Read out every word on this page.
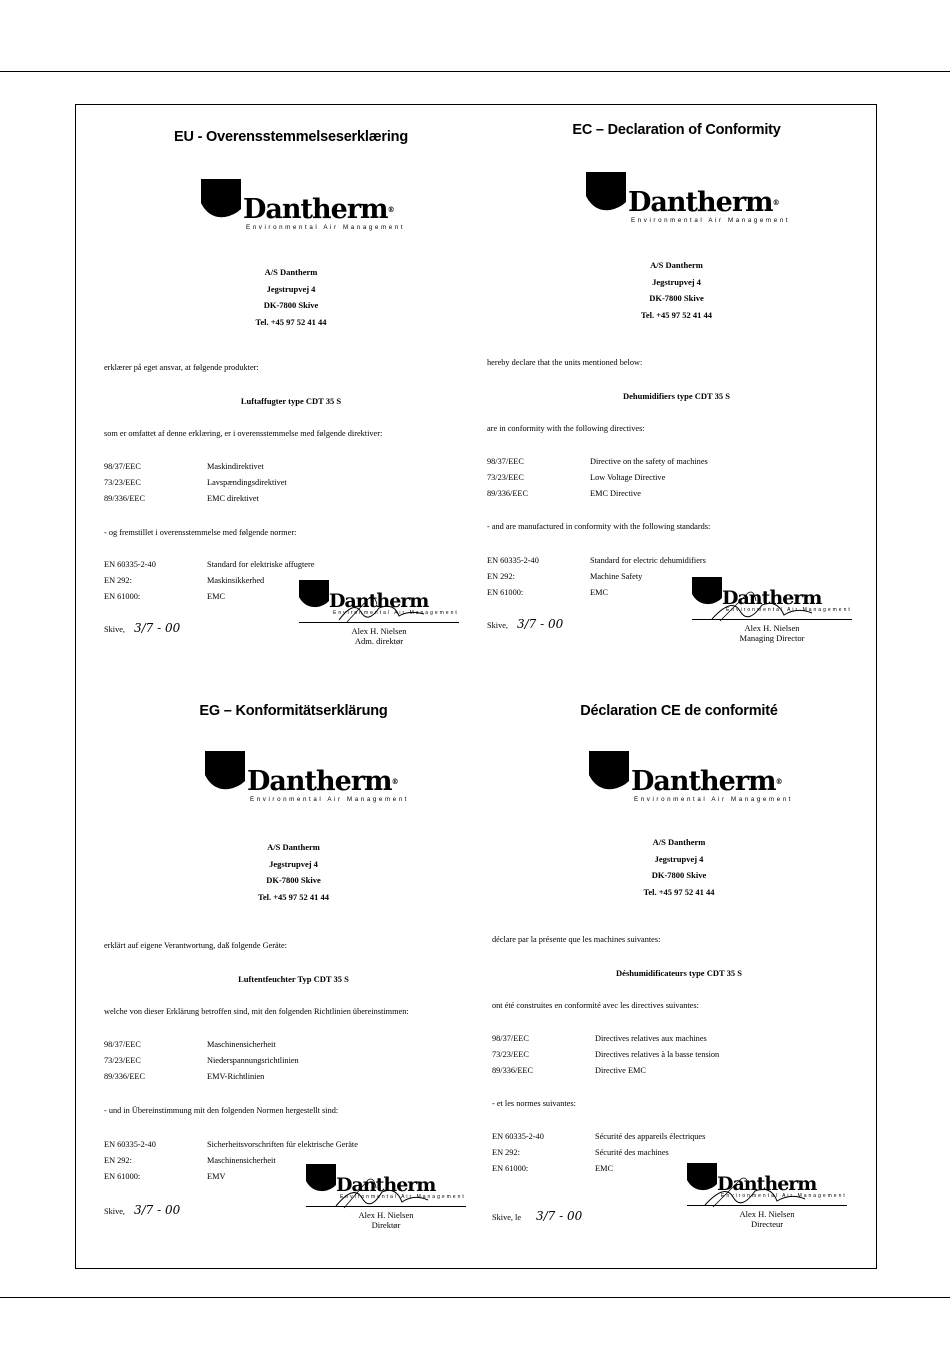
EU - Overensstemmelseserklæring
Dantherm®
Environmental Air Management
A/S Dantherm
Jegstrupvej 4
DK-7800 Skive
Tel. +45 97 52 41 44
erklærer på eget ansvar, at følgende produkter:
Luftaffugter type CDT 35 S
som er omfattet af denne erklæring, er i overensstemmelse med følgende direktiver:
98/37/EEC	Maskindirektivet
73/23/EEC	Lavspændingsdirektivet
89/336/EEC	EMC direktivet
- og fremstillet i overensstemmelse med følgende normer:
EN 60335-2-40	Standard for elektriske affugtere
EN 292:	Maskinsikkerhed
EN 61000:	EMC
Skive, 3/7 - 00
Dantherm
Environmental Air Management
Alex H. Nielsen
Adm. direktør
EC – Declaration of Conformity
Dantherm®
Environmental Air Management
A/S Dantherm
Jegstrupvej 4
DK-7800 Skive
Tel. +45 97 52 41 44
hereby declare that the units mentioned below:
Dehumidifiers type CDT 35 S
are in conformity with the following directives:
98/37/EEC	Directive on the safety of machines
73/23/EEC	Low Voltage Directive
89/336/EEC	EMC Directive
- and are manufactured in conformity with the following standards:
EN 60335-2-40	Standard for electric dehumidifiers
EN 292:	Machine Safety
EN 61000:	EMC
Skive, 3/7 - 00
Dantherm
Environmental Air Management
Alex H. Nielsen
Managing Director
EG – Konformitätserklärung
Dantherm®
Environmental Air Management
A/S Dantherm
Jegstrupvej 4
DK-7800 Skive
Tel. +45 97 52 41 44
erklärt auf eigene Verantwortung, daß folgende Geräte:
Luftentfeuchter Typ CDT 35 S
welche von dieser Erklärung betroffen sind, mit den folgenden Richtlinien übereinstimmen:
98/37/EEC	Maschinensicherheit
73/23/EEC	Niederspannungsrichtlinien
89/336/EEC	EMV-Richtlinien
- und in Übereinstimmung mit den folgenden Normen hergestellt sind:
EN 60335-2-40	Sicherheitsvorschriften für elektrische Geräte
EN 292:	Maschinensicherheit
EN 61000:	EMV
Skive, 3/7 - 00
Dantherm
Environmental Air Management
Alex H. Nielsen
Direktør
Déclaration CE de conformité
Dantherm®
Environmental Air Management
A/S Dantherm
Jegstrupvej 4
DK-7800 Skive
Tel. +45 97 52 41 44
déclare par la présente que les machines suivantes:
Déshumidificateurs type CDT 35 S
ont été construites en conformité avec les directives suivantes:
98/37/EEC	Directives relatives aux machines
73/23/EEC	Directives relatives à la basse tension
89/336/EEC	Directive EMC
- et les normes suivantes:
EN 60335-2-40	Sécurité des appareils électriques
EN 292:	Sécurité des machines
EN 61000:	EMC
Skive, le 3/7 - 00
Dantherm
Environmental Air Management
Alex H. Nielsen
Directeur
